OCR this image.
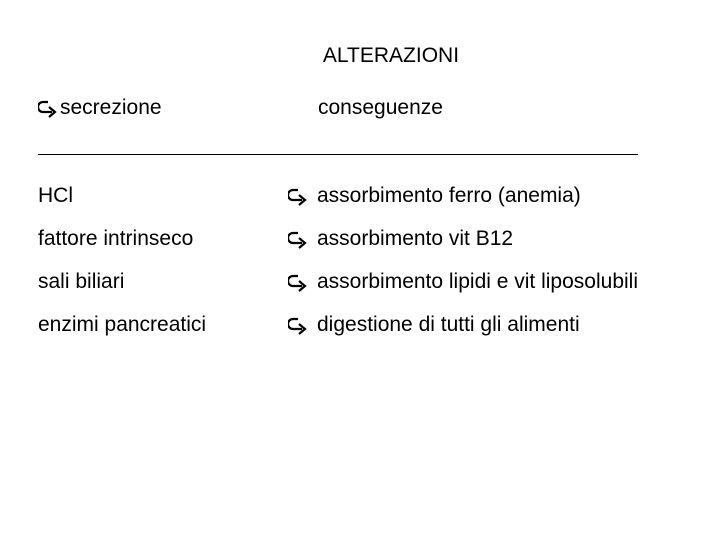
ALTERAZIONI
secrezione	conseguenze
HCl	assorbimento ferro (anemia)
fattore intrinseco	assorbimento vit B12
sali biliari	assorbimento lipidi e vit liposolubili
enzimi pancreatici	digestione di tutti gli alimenti
